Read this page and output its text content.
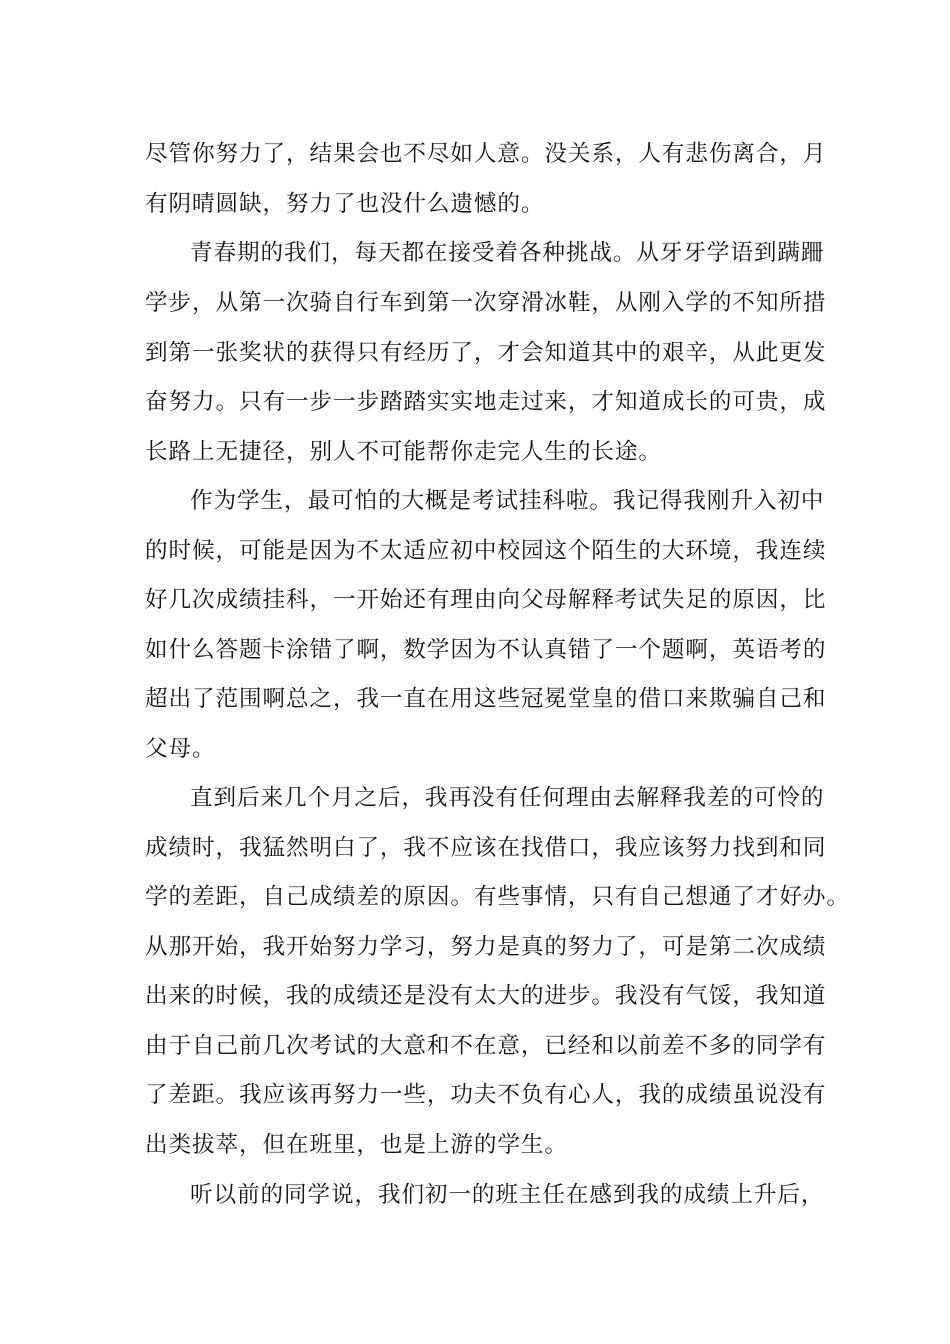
尽管你努力了，结果会也不尽如人意。没关系，人有悲伤离合，月
有阴晴圆缺，努力了也没什么遗憾的。
青春期的我们，每天都在接受着各种挑战。从牙牙学语到蹒跚
学步，从第一次骑自行车到第一次穿滑冰鞋，从刚入学的不知所措
到第一张奖状的获得只有经历了，才会知道其中的艰辛，从此更发
奋努力。只有一步一步踏踏实实地走过来，才知道成长的可贵，成
长路上无捷径，别人不可能帮你走完人生的长途。
作为学生，最可怕的大概是考试挂科啦。我记得我刚升入初中
的时候，可能是因为不太适应初中校园这个陌生的大环境，我连续
好几次成绩挂科，一开始还有理由向父母解释考试失足的原因，比
如什么答题卡涂错了啊，数学因为不认真错了一个题啊，英语考的
超出了范围啊总之，我一直在用这些冠冕堂皇的借口来欺骗自己和
父母。
直到后来几个月之后，我再没有任何理由去解释我差的可怜的
成绩时，我猛然明白了，我不应该在找借口，我应该努力找到和同
学的差距，自己成绩差的原因。有些事情，只有自己想通了才好办。
从那开始，我开始努力学习，努力是真的努力了，可是第二次成绩
出来的时候，我的成绩还是没有太大的进步。我没有气馁，我知道
由于自己前几次考试的大意和不在意，已经和以前差不多的同学有
了差距。我应该再努力一些，功夫不负有心人，我的成绩虽说没有
出类拔萃，但在班里，也是上游的学生。
听以前的同学说，我们初一的班主任在感到我的成绩上升后，
